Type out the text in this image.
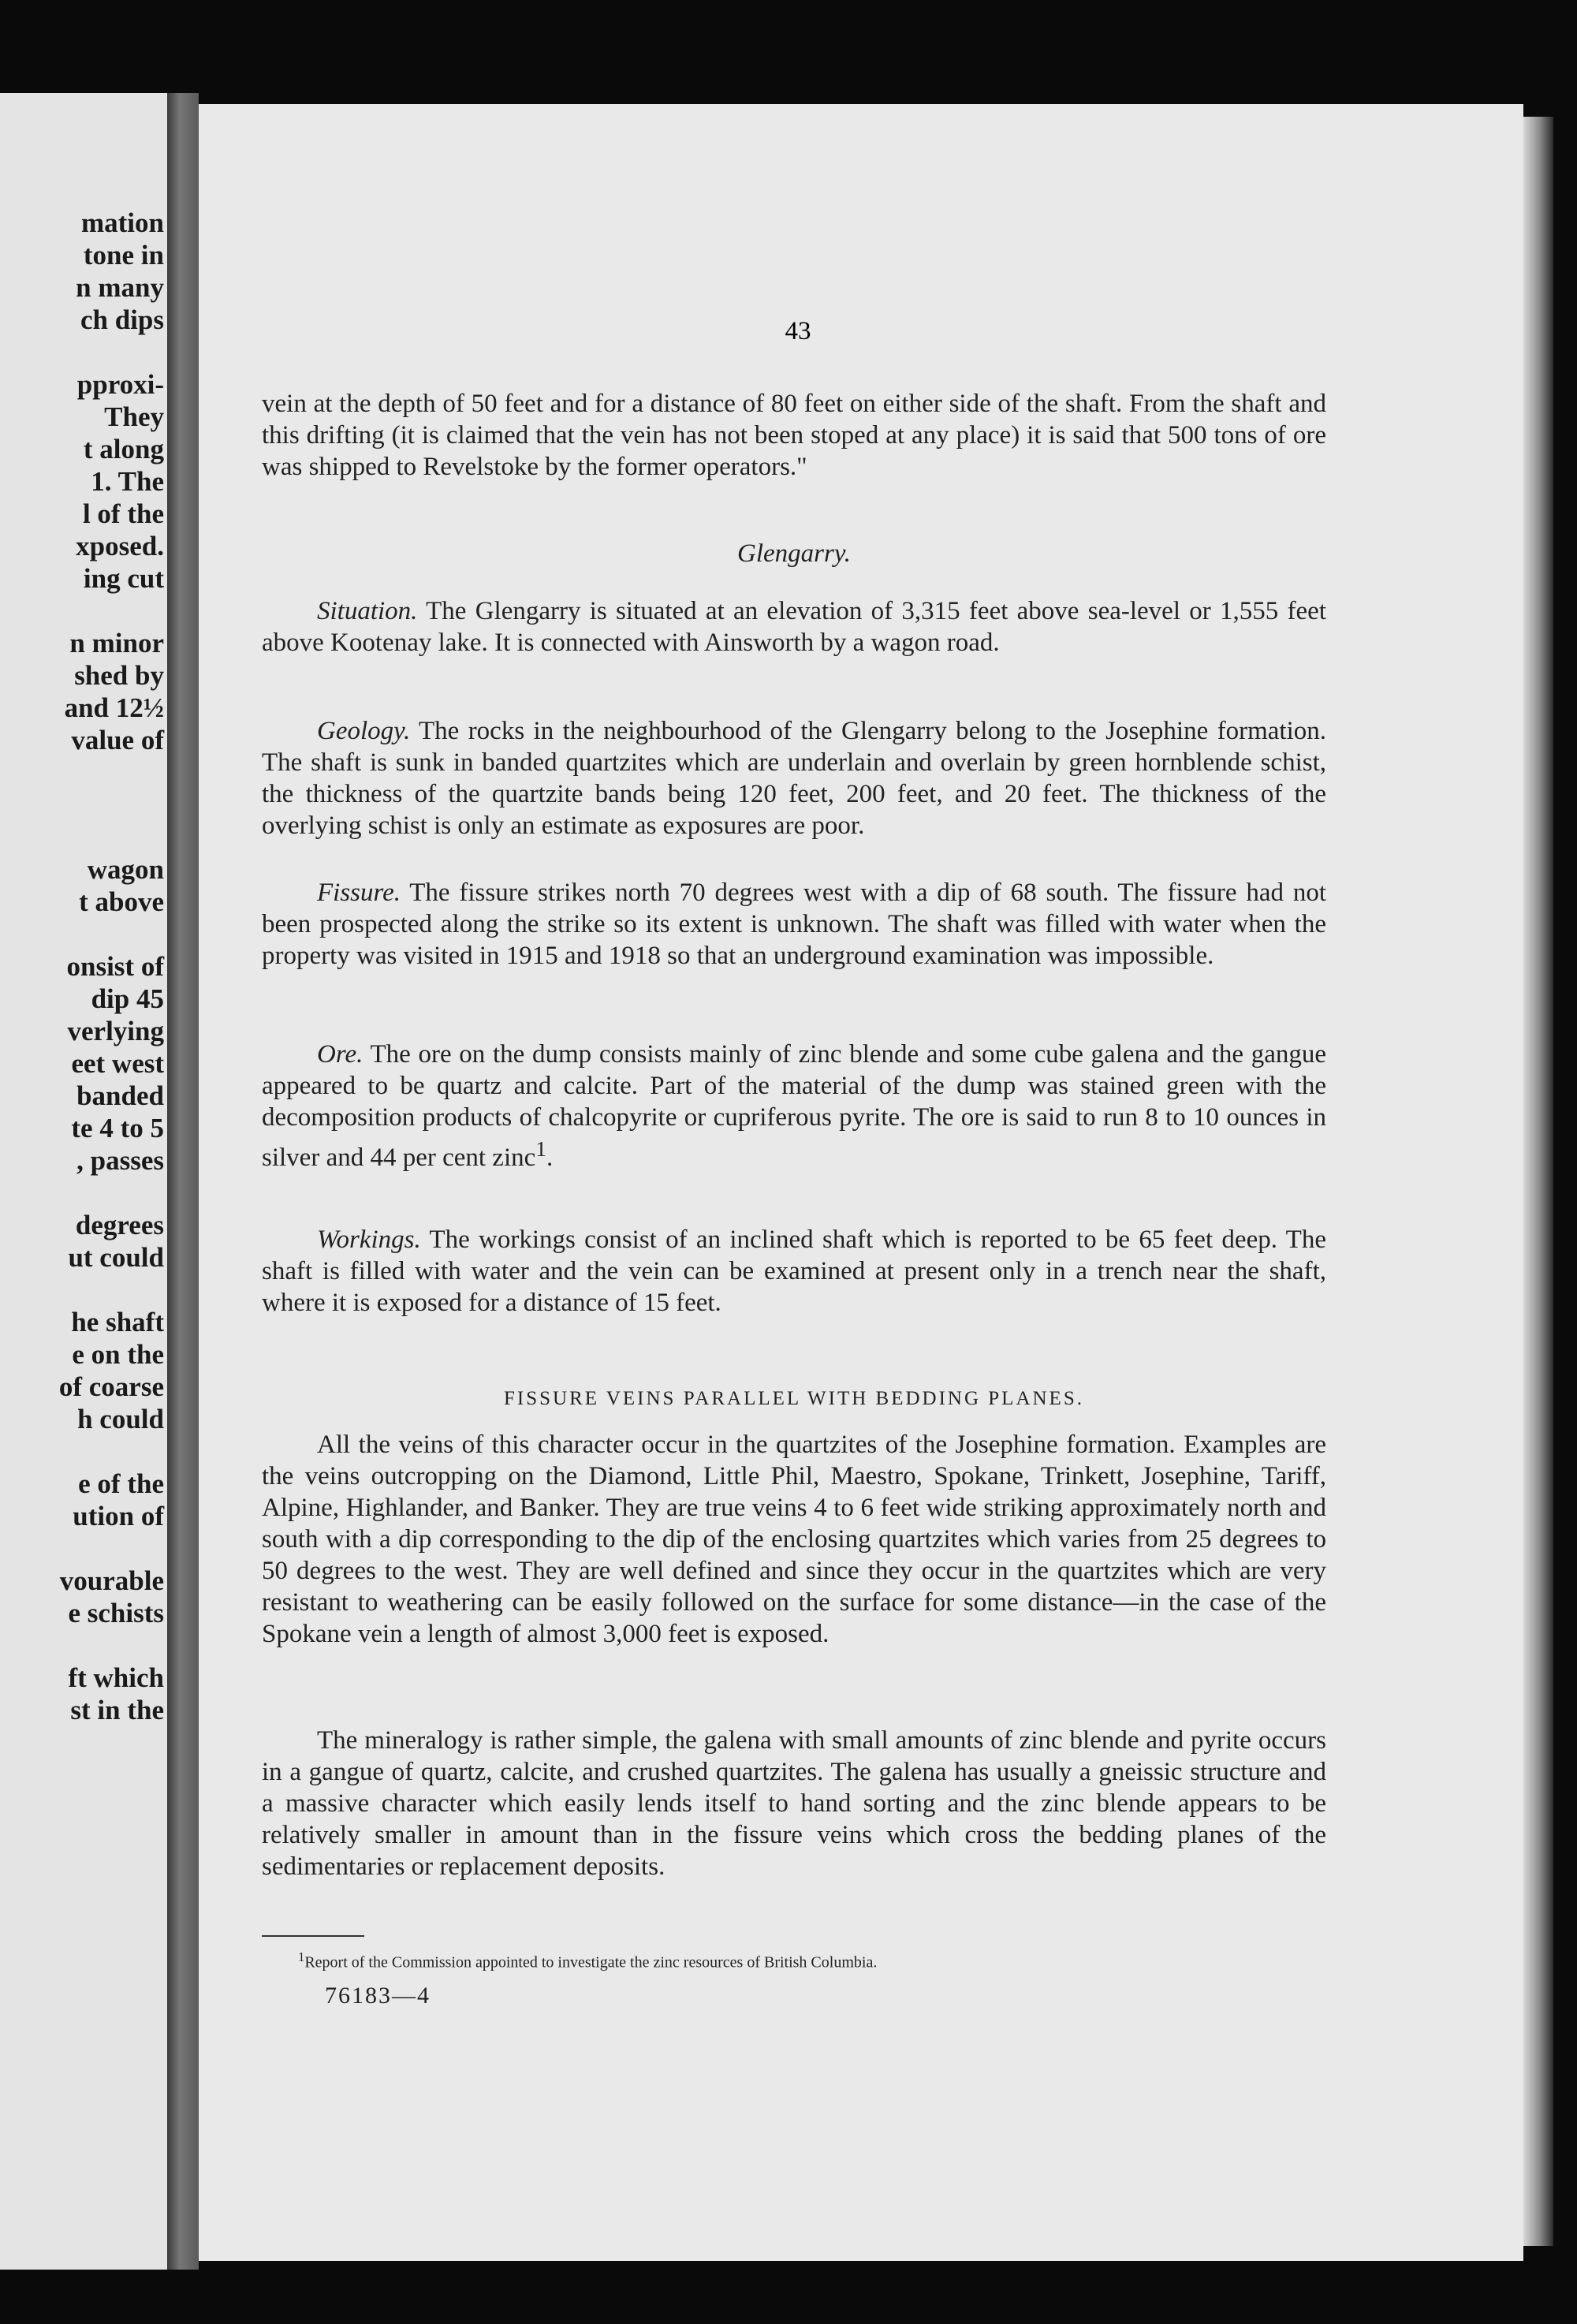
mation
tone in
n many
ch dips
pproxi-
They
t along
1. The
l of the
xposed.
ing cut
n minor
shed by
and 12½
value of
wagon
t above
onsist of
dip 45
verlying
eet west
banded
te 4 to 5
, passes
degrees
ut could
he shaft
e on the
of coarse
h could
e of the
ution of
vourable
e schists
ft which
st in the
43

vein at the depth of 50 feet and for a distance of 80 feet on either side of the shaft. From the shaft and this drifting (it is claimed that the vein has not been stoped at any place) it is said that 500 tons of ore was shipped to Revelstoke by the former operators."

Glengarry.

Situation. The Glengarry is situated at an elevation of 3,315 feet above sea-level or 1,555 feet above Kootenay lake. It is connected with Ainsworth by a wagon road.

Geology. The rocks in the neighbourhood of the Glengarry belong to the Josephine formation. The shaft is sunk in banded quartzites which are underlain and overlain by green hornblende schist, the thickness of the quartzite bands being 120 feet, 200 feet, and 20 feet. The thickness of the overlying schist is only an estimate as exposures are poor.

Fissure. The fissure strikes north 70 degrees west with a dip of 68 south. The fissure had not been prospected along the strike so its extent is unknown. The shaft was filled with water when the property was visited in 1915 and 1918 so that an underground examination was impossible.

Ore. The ore on the dump consists mainly of zinc blende and some cube galena and the gangue appeared to be quartz and calcite. Part of the material of the dump was stained green with the decomposition products of chalcopyrite or cupriferous pyrite. The ore is said to run 8 to 10 ounces in silver and 44 per cent zinc$^1$.

Workings. The workings consist of an inclined shaft which is reported to be 65 feet deep. The shaft is filled with water and the vein can be examined at present only in a trench near the shaft, where it is exposed for a distance of 15 feet.

FISSURE VEINS PARALLEL WITH BEDDING PLANES.

All the veins of this character occur in the quartzites of the Josephine formation. Examples are the veins outcropping on the Diamond, Little Phil, Maestro, Spokane, Trinkett, Josephine, Tariff, Alpine, Highlander, and Banker. They are true veins 4 to 6 feet wide striking approximately north and south with a dip corresponding to the dip of the enclosing quartzites which varies from 25 degrees to 50 degrees to the west. They are well defined and since they occur in the quartzites which are very resistant to weathering can be easily followed on the surface for some distance—in the case of the Spokane vein a length of almost 3,000 feet is exposed.

The mineralogy is rather simple, the galena with small amounts of zinc blende and pyrite occurs in a gangue of quartz, calcite, and crushed quartzites. The galena has usually a gneissic structure and a massive character which easily lends itself to hand sorting and the zinc blende appears to be relatively smaller in amount than in the fissure veins which cross the bedding planes of the sedimentaries or replacement deposits.

$^1$Report of the Commission appointed to investigate the zinc resources of British Columbia.
76183—4
